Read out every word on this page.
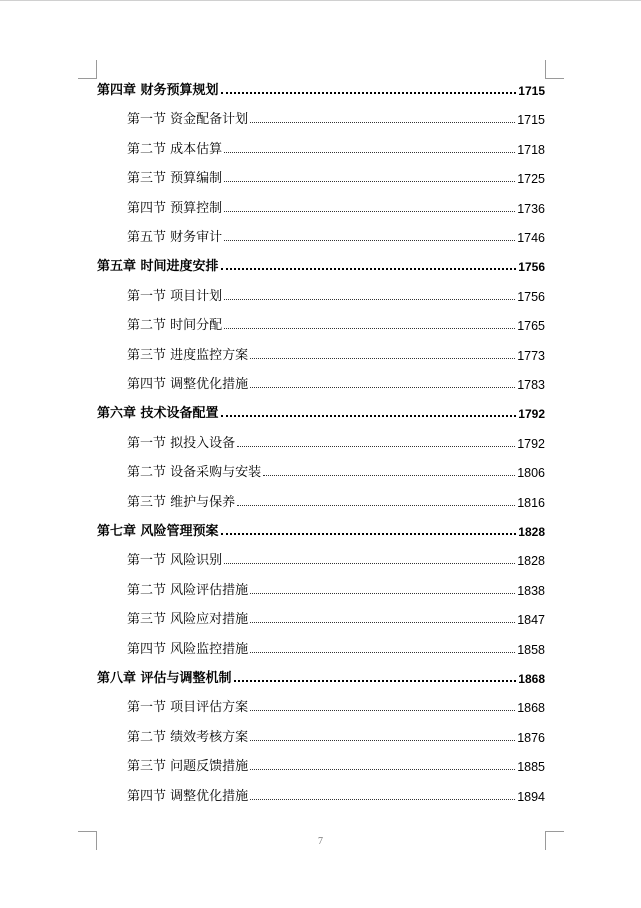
第四章 财务预算规划	1715
第一节 资金配备计划	1715
第二节 成本估算	1718
第三节 预算编制	1725
第四节 预算控制	1736
第五节 财务审计	1746
第五章 时间进度安排	1756
第一节 项目计划	1756
第二节 时间分配	1765
第三节 进度监控方案	1773
第四节 调整优化措施	1783
第六章 技术设备配置	1792
第一节 拟投入设备	1792
第二节 设备采购与安装	1806
第三节 维护与保养	1816
第七章 风险管理预案	1828
第一节 风险识别	1828
第二节 风险评估措施	1838
第三节 风险应对措施	1847
第四节 风险监控措施	1858
第八章 评估与调整机制	1868
第一节 项目评估方案	1868
第二节 绩效考核方案	1876
第三节 问题反馈措施	1885
第四节 调整优化措施	1894
7
